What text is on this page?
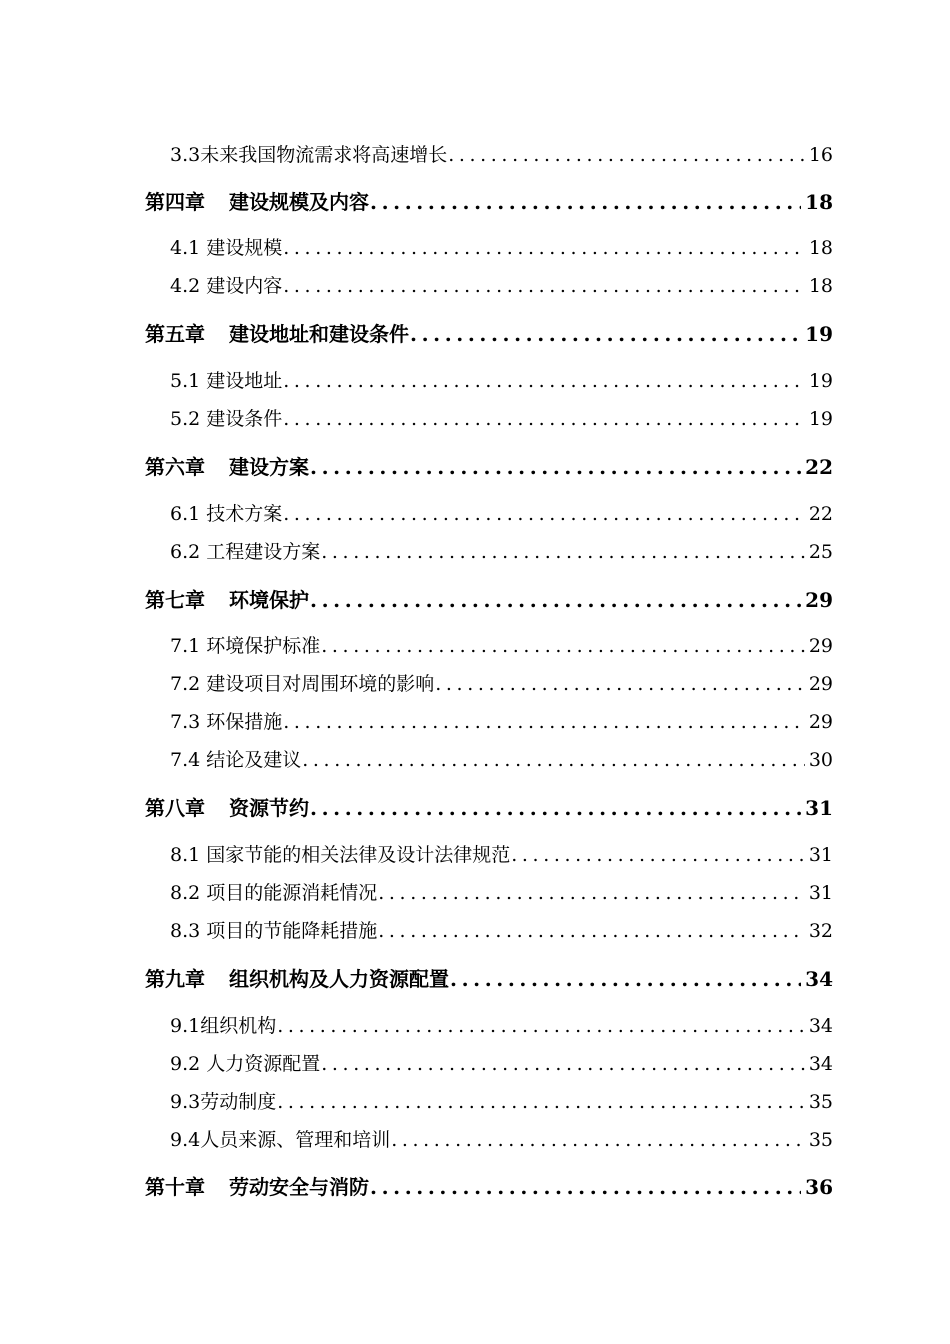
3.3未来我国物流需求将高速增长 .....	16
第四章 建设规模及内容 .....	18
4.1 建设规模 .....	18
4.2 建设内容 .....	18
第五章 建设地址和建设条件 .....	19
5.1 建设地址 .....	19
5.2 建设条件 .....	19
第六章 建设方案 .....	22
6.1 技术方案 .....	22
6.2 工程建设方案 .....	25
第七章 环境保护 .....	29
7.1 环境保护标准 .....	29
7.2 建设项目对周围环境的影响 .....	29
7.3 环保措施 .....	29
7.4 结论及建议 .....	30
第八章 资源节约 .....	31
8.1 国家节能的相关法律及设计法律规范 .....	31
8.2 项目的能源消耗情况 .....	31
8.3 项目的节能降耗措施 .....	32
第九章 组织机构及人力资源配置 .....	34
9.1组织机构 .....	34
9.2 人力资源配置 .....	34
9.3劳动制度 .....	35
9.4人员来源、管理和培训 .....	35
第十章 劳动安全与消防 .....	36
